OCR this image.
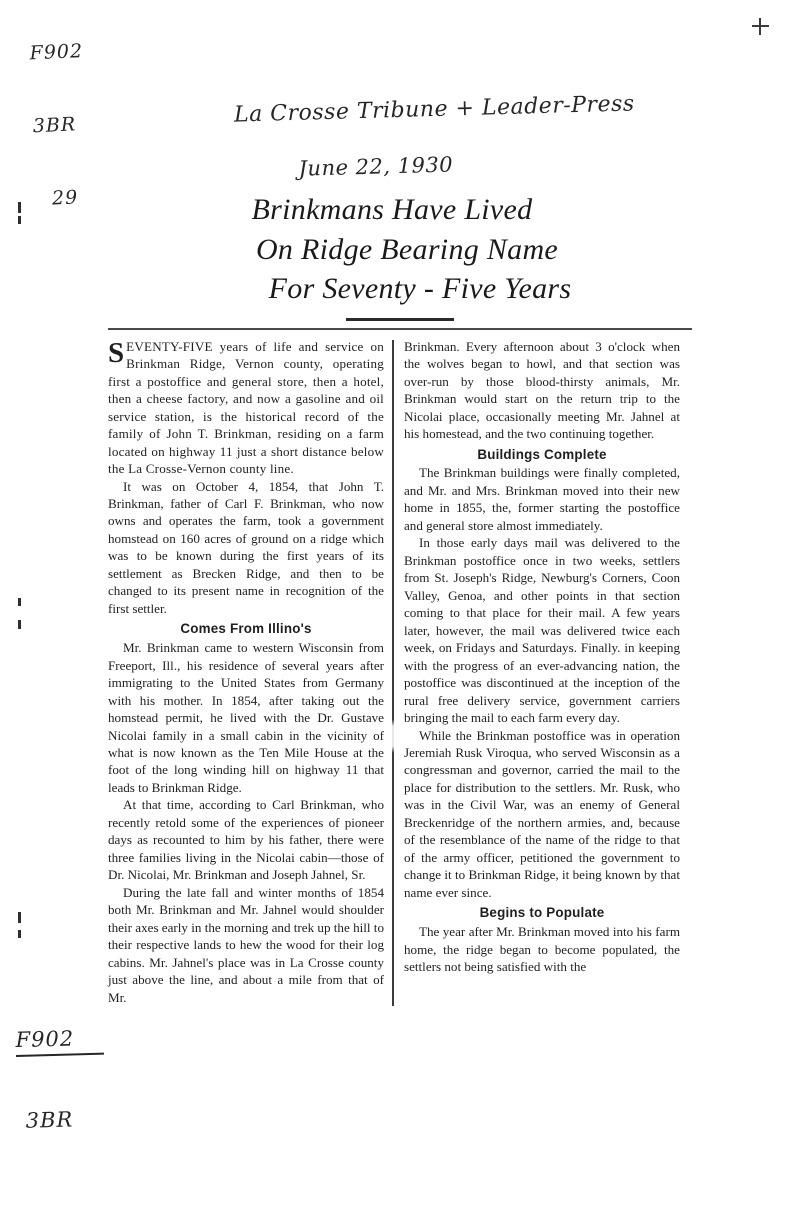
F902

3BR

29

La Crosse Tribune + Leader-Press

June 22, 1930

F902

3BR

Brinkmans Have Lived
On Ridge Bearing Name
For Seventy - Five Years

SEVENTY-FIVE years of life and service on Brinkman Ridge, Vernon county, operating first a postoffice and general store, then a hotel, then a cheese factory, and now a gasoline and oil service station, is the historical record of the family of John T. Brinkman, residing on a farm located on highway 11 just a short distance below the La Crosse-Vernon county line.

It was on October 4, 1854, that John T. Brinkman, father of Carl F. Brinkman, who now owns and operates the farm, took a government homstead on 160 acres of ground on a ridge which was to be known during the first years of its settlement as Brecken Ridge, and then to be changed to its present name in recognition of the first settler.

Comes From Illino's

Mr. Brinkman came to western Wisconsin from Freeport, Ill., his residence of several years after immigrating to the United States from Germany with his mother. In 1854, after taking out the homstead permit, he lived with the Dr. Gustave Nicolai family in a small cabin in the vicinity of what is now known as the Ten Mile House at the foot of the long winding hill on highway 11 that leads to Brinkman Ridge.

At that time, according to Carl Brinkman, who recently retold some of the experiences of pioneer days as recounted to him by his father, there were three families living in the Nicolai cabin—those of Dr. Nicolai, Mr. Brinkman and Joseph Jahnel, Sr.

During the late fall and winter months of 1854 both Mr. Brinkman and Mr. Jahnel would shoulder their axes early in the morning and trek up the hill to their respective lands to hew the wood for their log cabins. Mr. Jahnel's place was in La Crosse county just above the line, and about a mile from that of Mr.

Brinkman. Every afternoon about 3 o'clock when the wolves began to howl, and that section was over-run by those blood-thirsty animals, Mr. Brinkman would start on the return trip to the Nicolai place, occasionally meeting Mr. Jahnel at his homestead, and the two continuing together.

Buildings Complete

The Brinkman buildings were finally completed, and Mr. and Mrs. Brinkman moved into their new home in 1855, the, former starting the postoffice and general store almost immediately.

In those early days mail was delivered to the Brinkman postoffice once in two weeks, settlers from St. Joseph's Ridge, Newburg's Corners, Coon Valley, Genoa, and other points in that section coming to that place for their mail. A few years later, however, the mail was delivered twice each week, on Fridays and Saturdays. Finally. in keeping with the progress of an ever-advancing nation, the postoffice was discontinued at the inception of the rural free delivery service, government carriers bringing the mail to each farm every day.

While the Brinkman postoffice was in operation Jeremiah Rusk Viroqua, who served Wisconsin as a congressman and governor, carried the mail to the place for distribution to the settlers. Mr. Rusk, who was in the Civil War, was an enemy of General Breckenridge of the northern armies, and, because of the resemblance of the name of the ridge to that of the army officer, petitioned the government to change it to Brinkman Ridge, it being known by that name ever since.

Begins to Populate

The year after Mr. Brinkman moved into his farm home, the ridge began to become populated, the settlers not being satisfied with the
